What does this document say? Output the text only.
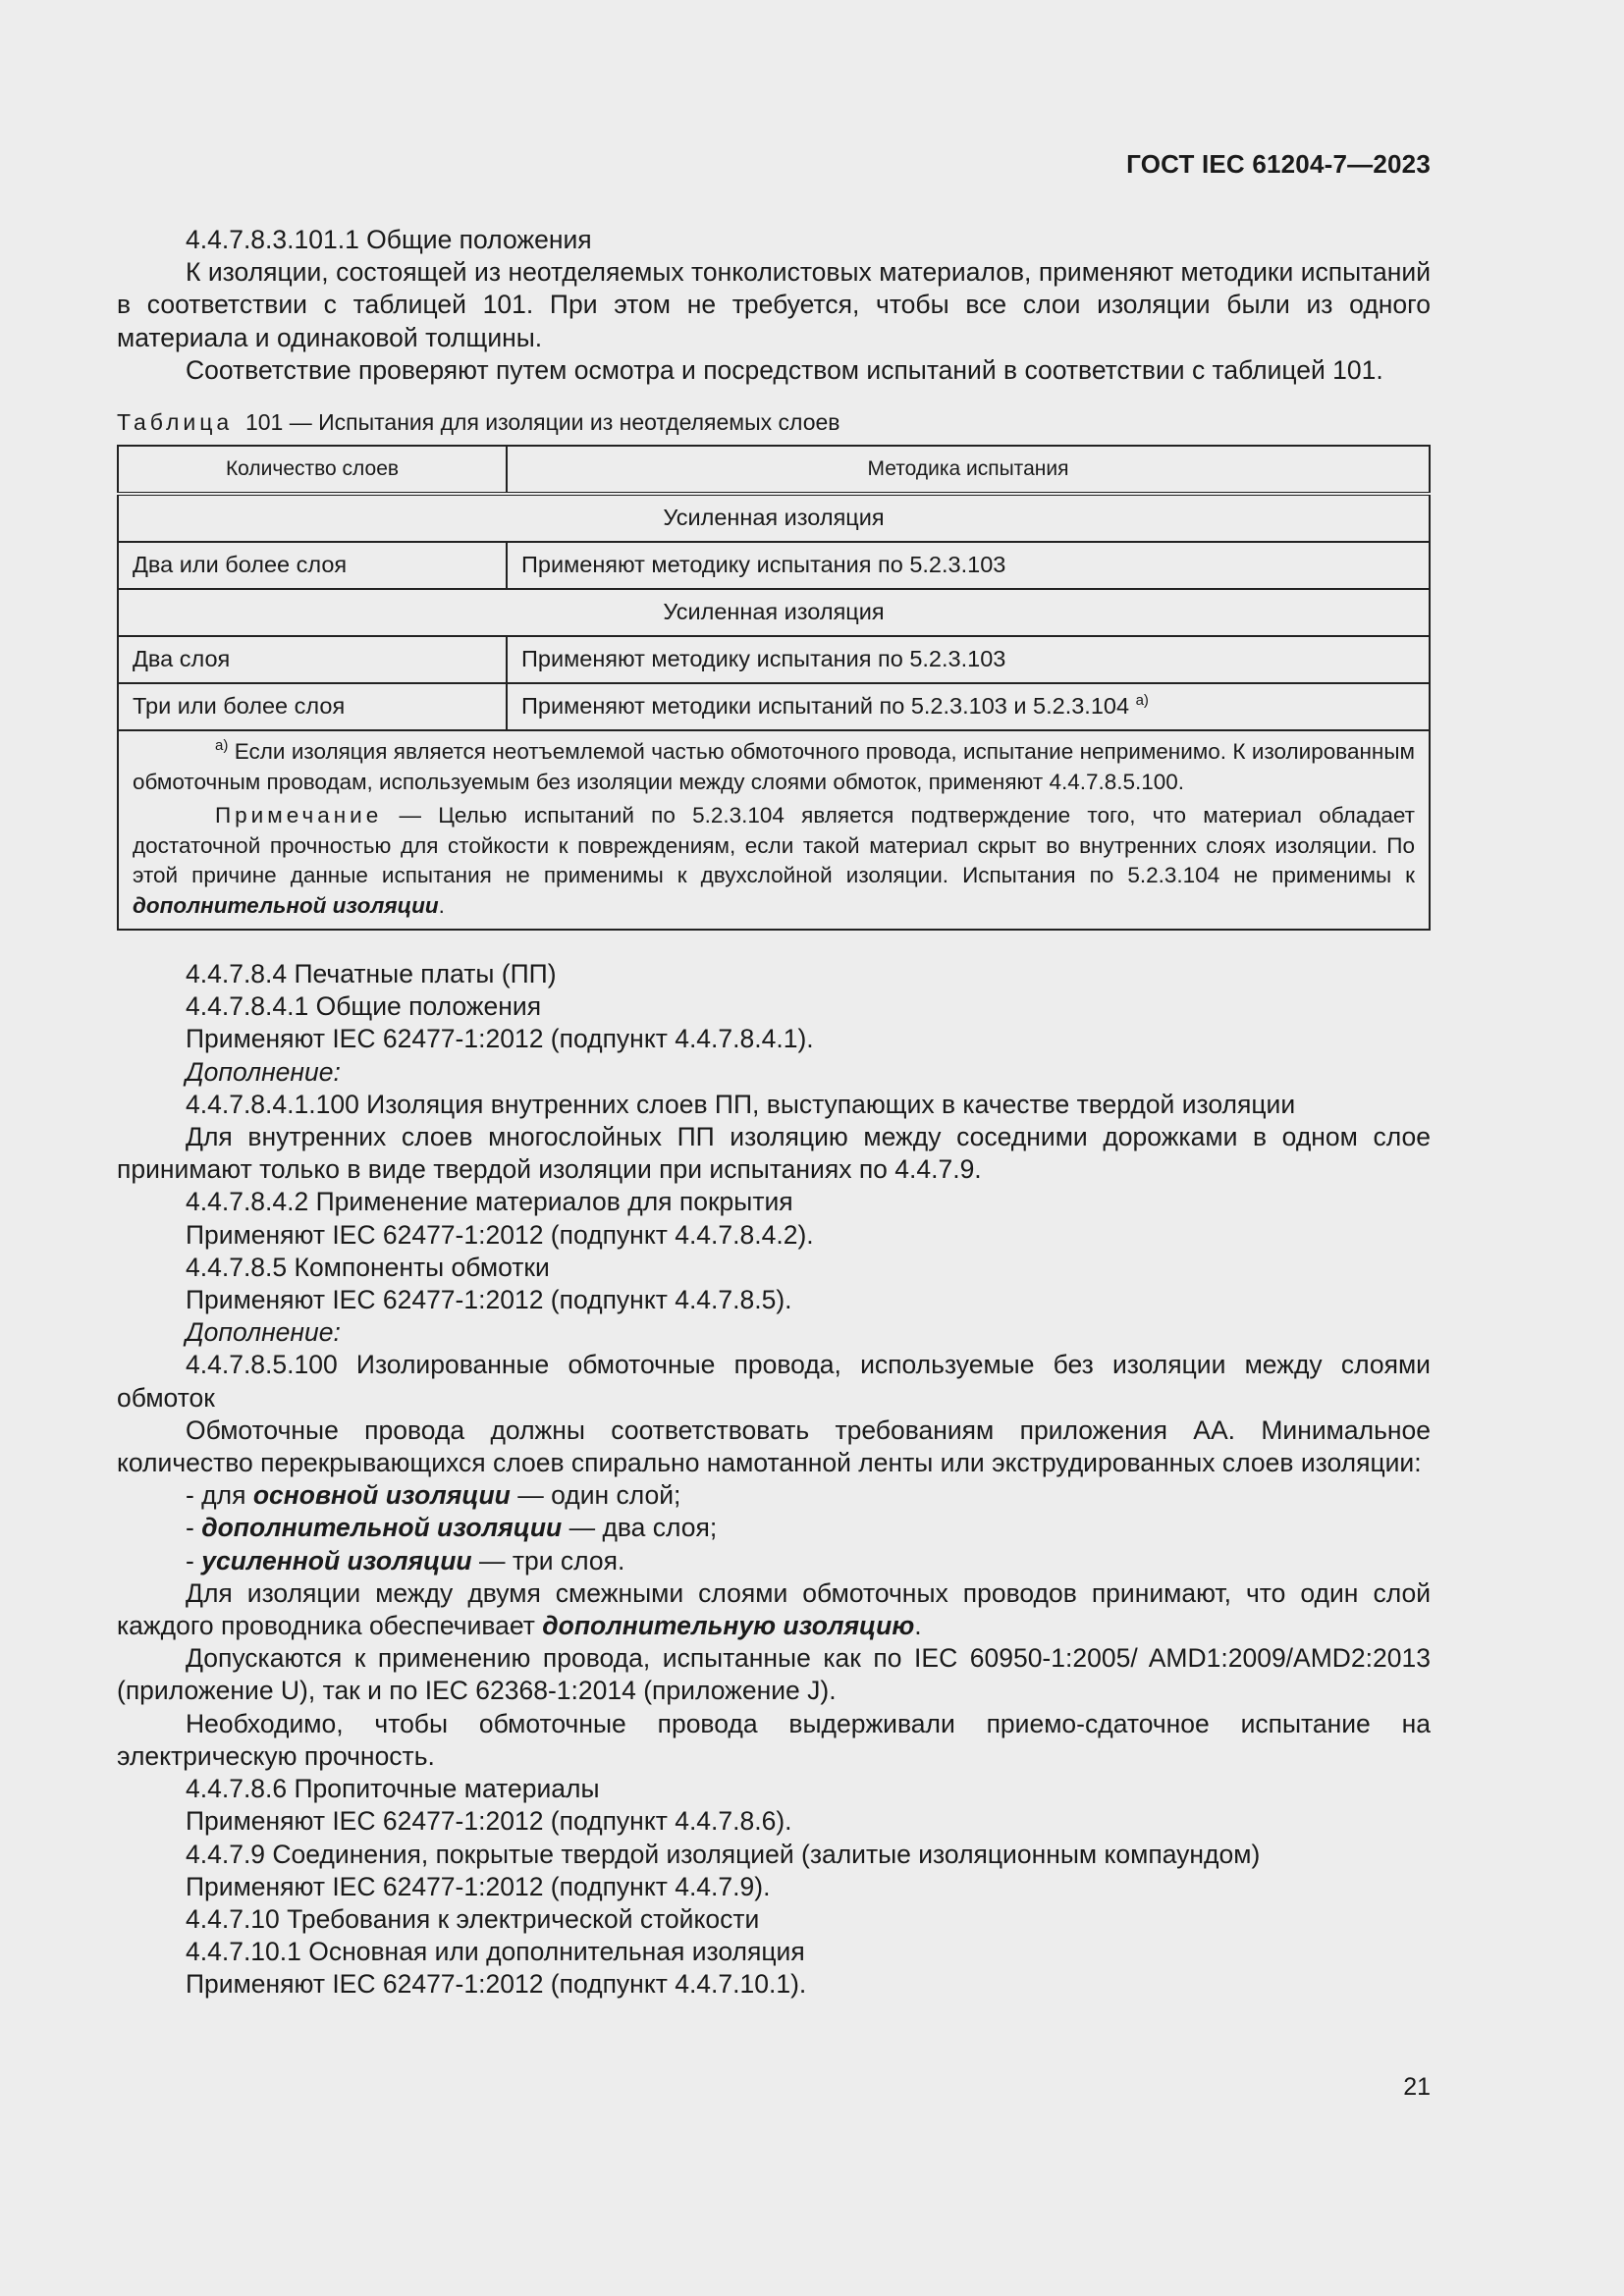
ГОСТ IEC 61204-7—2023

4.4.7.8.3.101.1 Общие положения

К изоляции, состоящей из неотделяемых тонколистовых материалов, применяют методики испытаний в соответствии с таблицей 101. При этом не требуется, чтобы все слои изоляции были из одного материала и одинаковой толщины.

Соответствие проверяют путем осмотра и посредством испытаний в соответствии с таблицей 101.

Таблица 101 — Испытания для изоляции из неотделяемых слоев

Количество слоев	Методика испытания
Усиленная изоляция	
Два или более слоя	Применяют методику испытания по 5.2.3.103
Усиленная изоляция	
Два слоя	Применяют методику испытания по 5.2.3.103
Три или более слоя	Применяют методики испытаний по 5.2.3.103 и 5.2.3.104 $^{а)}$

$^{а)}$ Если изоляция является неотъемлемой частью обмоточного провода, испытание неприменимо. К изолированным обмоточным проводам, используемым без изоляции между слоями обмоток, применяют 4.4.7.8.5.100.

Примечание — Целью испытаний по 5.2.3.104 является подтверждение того, что материал обладает достаточной прочностью для стойкости к повреждениям, если такой материал скрыт во внутренних слоях изоляции. По этой причине данные испытания не применимы к двухслойной изоляции. Испытания по 5.2.3.104 не применимы к дополнительной изоляции.	

4.4.7.8.4 Печатные платы (ПП)

4.4.7.8.4.1 Общие положения

Применяют IEC 62477-1:2012 (подпункт 4.4.7.8.4.1).

Дополнение:

4.4.7.8.4.1.100 Изоляция внутренних слоев ПП, выступающих в качестве твердой изоляции

Для внутренних слоев многослойных ПП изоляцию между соседними дорожками в одном слое принимают только в виде твердой изоляции при испытаниях по 4.4.7.9.

4.4.7.8.4.2 Применение материалов для покрытия

Применяют IEC 62477-1:2012 (подпункт 4.4.7.8.4.2).

4.4.7.8.5 Компоненты обмотки

Применяют IEC 62477-1:2012 (подпункт 4.4.7.8.5).

Дополнение:

4.4.7.8.5.100 Изолированные обмоточные провода, используемые без изоляции между слоями обмоток

Обмоточные провода должны соответствовать требованиям приложения АА. Минимальное количество перекрывающихся слоев спирально намотанной ленты или экструдированных слоев изоляции:

- для основной изоляции — один слой;

- дополнительной изоляции — два слоя;

- усиленной изоляции — три слоя.

Для изоляции между двумя смежными слоями обмоточных проводов принимают, что один слой каждого проводника обеспечивает дополнительную изоляцию.

Допускаются к применению провода, испытанные как по IEC 60950-1:2005/ AMD1:2009/AMD2:2013 (приложение U), так и по IEC 62368-1:2014 (приложение J).

Необходимо, чтобы обмоточные провода выдерживали приемо-сдаточное испытание на электрическую прочность.

4.4.7.8.6 Пропиточные материалы

Применяют IEC 62477-1:2012 (подпункт 4.4.7.8.6).

4.4.7.9 Соединения, покрытые твердой изоляцией (залитые изоляционным компаундом)

Применяют IEC 62477-1:2012 (подпункт 4.4.7.9).

4.4.7.10 Требования к электрической стойкости

4.4.7.10.1 Основная или дополнительная изоляция

Применяют IEC 62477-1:2012 (подпункт 4.4.7.10.1).

21
